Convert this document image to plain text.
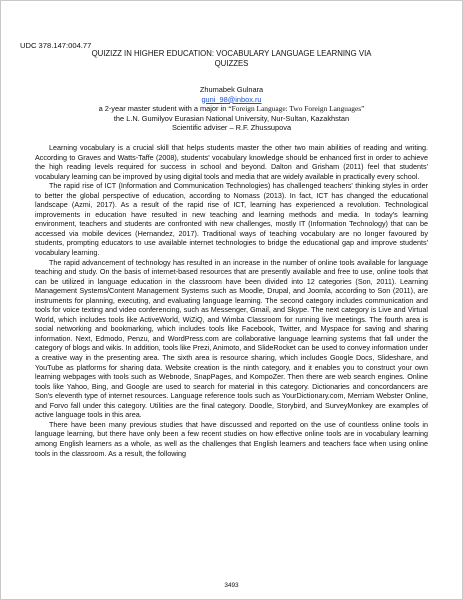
UDC 378.147:004.77
QUIZIZZ IN HIGHER EDUCATION: VOCABULARY LANGUAGE LEARNING VIA
QUIZZES
Zhumabek Gulnara
guni_98@inbox.ru
a 2-year master student with a major in “Foreign Language: Two Foreign Languages”
the L.N. Gumilyov Eurasian National University, Nur-Sultan, Kazakhstan
Scientific adviser – R.F. Zhussupova

Learning vocabulary is a crucial skill that helps students master the other two main abilities of reading and writing. According to Graves and Watts-Taffe (2008), students' vocabulary knowledge should be enhanced first in order to achieve the high reading levels required for success in school and beyond. Dalton and Grisham (2011) feel that students' vocabulary learning can be improved by using digital tools and media that are widely available in practically every school.

The rapid rise of ICT (Information and Communication Technologies) has challenged teachers' thinking styles in order to better the global perspective of education, according to Nomass (2013). In fact, ICT has changed the educational landscape (Azmi, 2017). As a result of the rapid rise of ICT, learning has experienced a revolution. Technological improvements in education have resulted in new teaching and learning methods and media. In today's learning environment, teachers and students are confronted with new challenges, mostly IT (Information Technology) that can be accessed via mobile devices (Hernandez, 2017). Traditional ways of teaching vocabulary are no longer favoured by students, prompting educators to use available internet technologies to bridge the educational gap and improve students' vocabulary learning.

The rapid advancement of technology has resulted in an increase in the number of online tools available for language teaching and study. On the basis of internet-based resources that are presently available and free to use, online tools that can be utilized in language education in the classroom have been divided into 12 categories (Son, 2011). Learning Management Systems/Content Management Systems such as Moodle, Drupal, and Joomla, according to Son (2011), are instruments for planning, executing, and evaluating language learning. The second category includes communication and tools for voice texting and video conferencing, such as Messenger, Gmail, and Skype. The next category is Live and Virtual World, which includes tools like ActiveWorld, WiZiQ, and Wimba Classroom for running live meetings. The fourth area is social networking and bookmarking, which includes tools like Facebook, Twitter, and Myspace for saving and sharing information. Next, Edmodo, Penzu, and WordPress.com are collaborative language learning systems that fall under the category of blogs and wikis. In addition, tools like Prezi, Animoto, and SlideRocket can be used to convey information under a creative way in the presenting area. The sixth area is resource sharing, which includes Google Docs, Slideshare, and YouTube as platforms for sharing data. Website creation is the ninth category, and it enables you to construct your own learning webpages with tools such as Webnode, SnapPages, and KompoZer. Then there are web search engines. Online tools like Yahoo, Bing, and Google are used to search for material in this category. Dictionaries and concordancers are Son's eleventh type of internet resources. Language reference tools such as YourDictionary.com, Merriam Webster Online, and Forvo fall under this category. Utilities are the final category. Doodle, Storybird, and SurveyMonkey are examples of active language tools in this area.

There have been many previous studies that have discussed and reported on the use of countless online tools in language learning, but there have only been a few recent studies on how effective online tools are in vocabulary learning among English learners as a whole, as well as the challenges that English learners and teachers face when using online tools in the classroom. As a result, the following

3493
